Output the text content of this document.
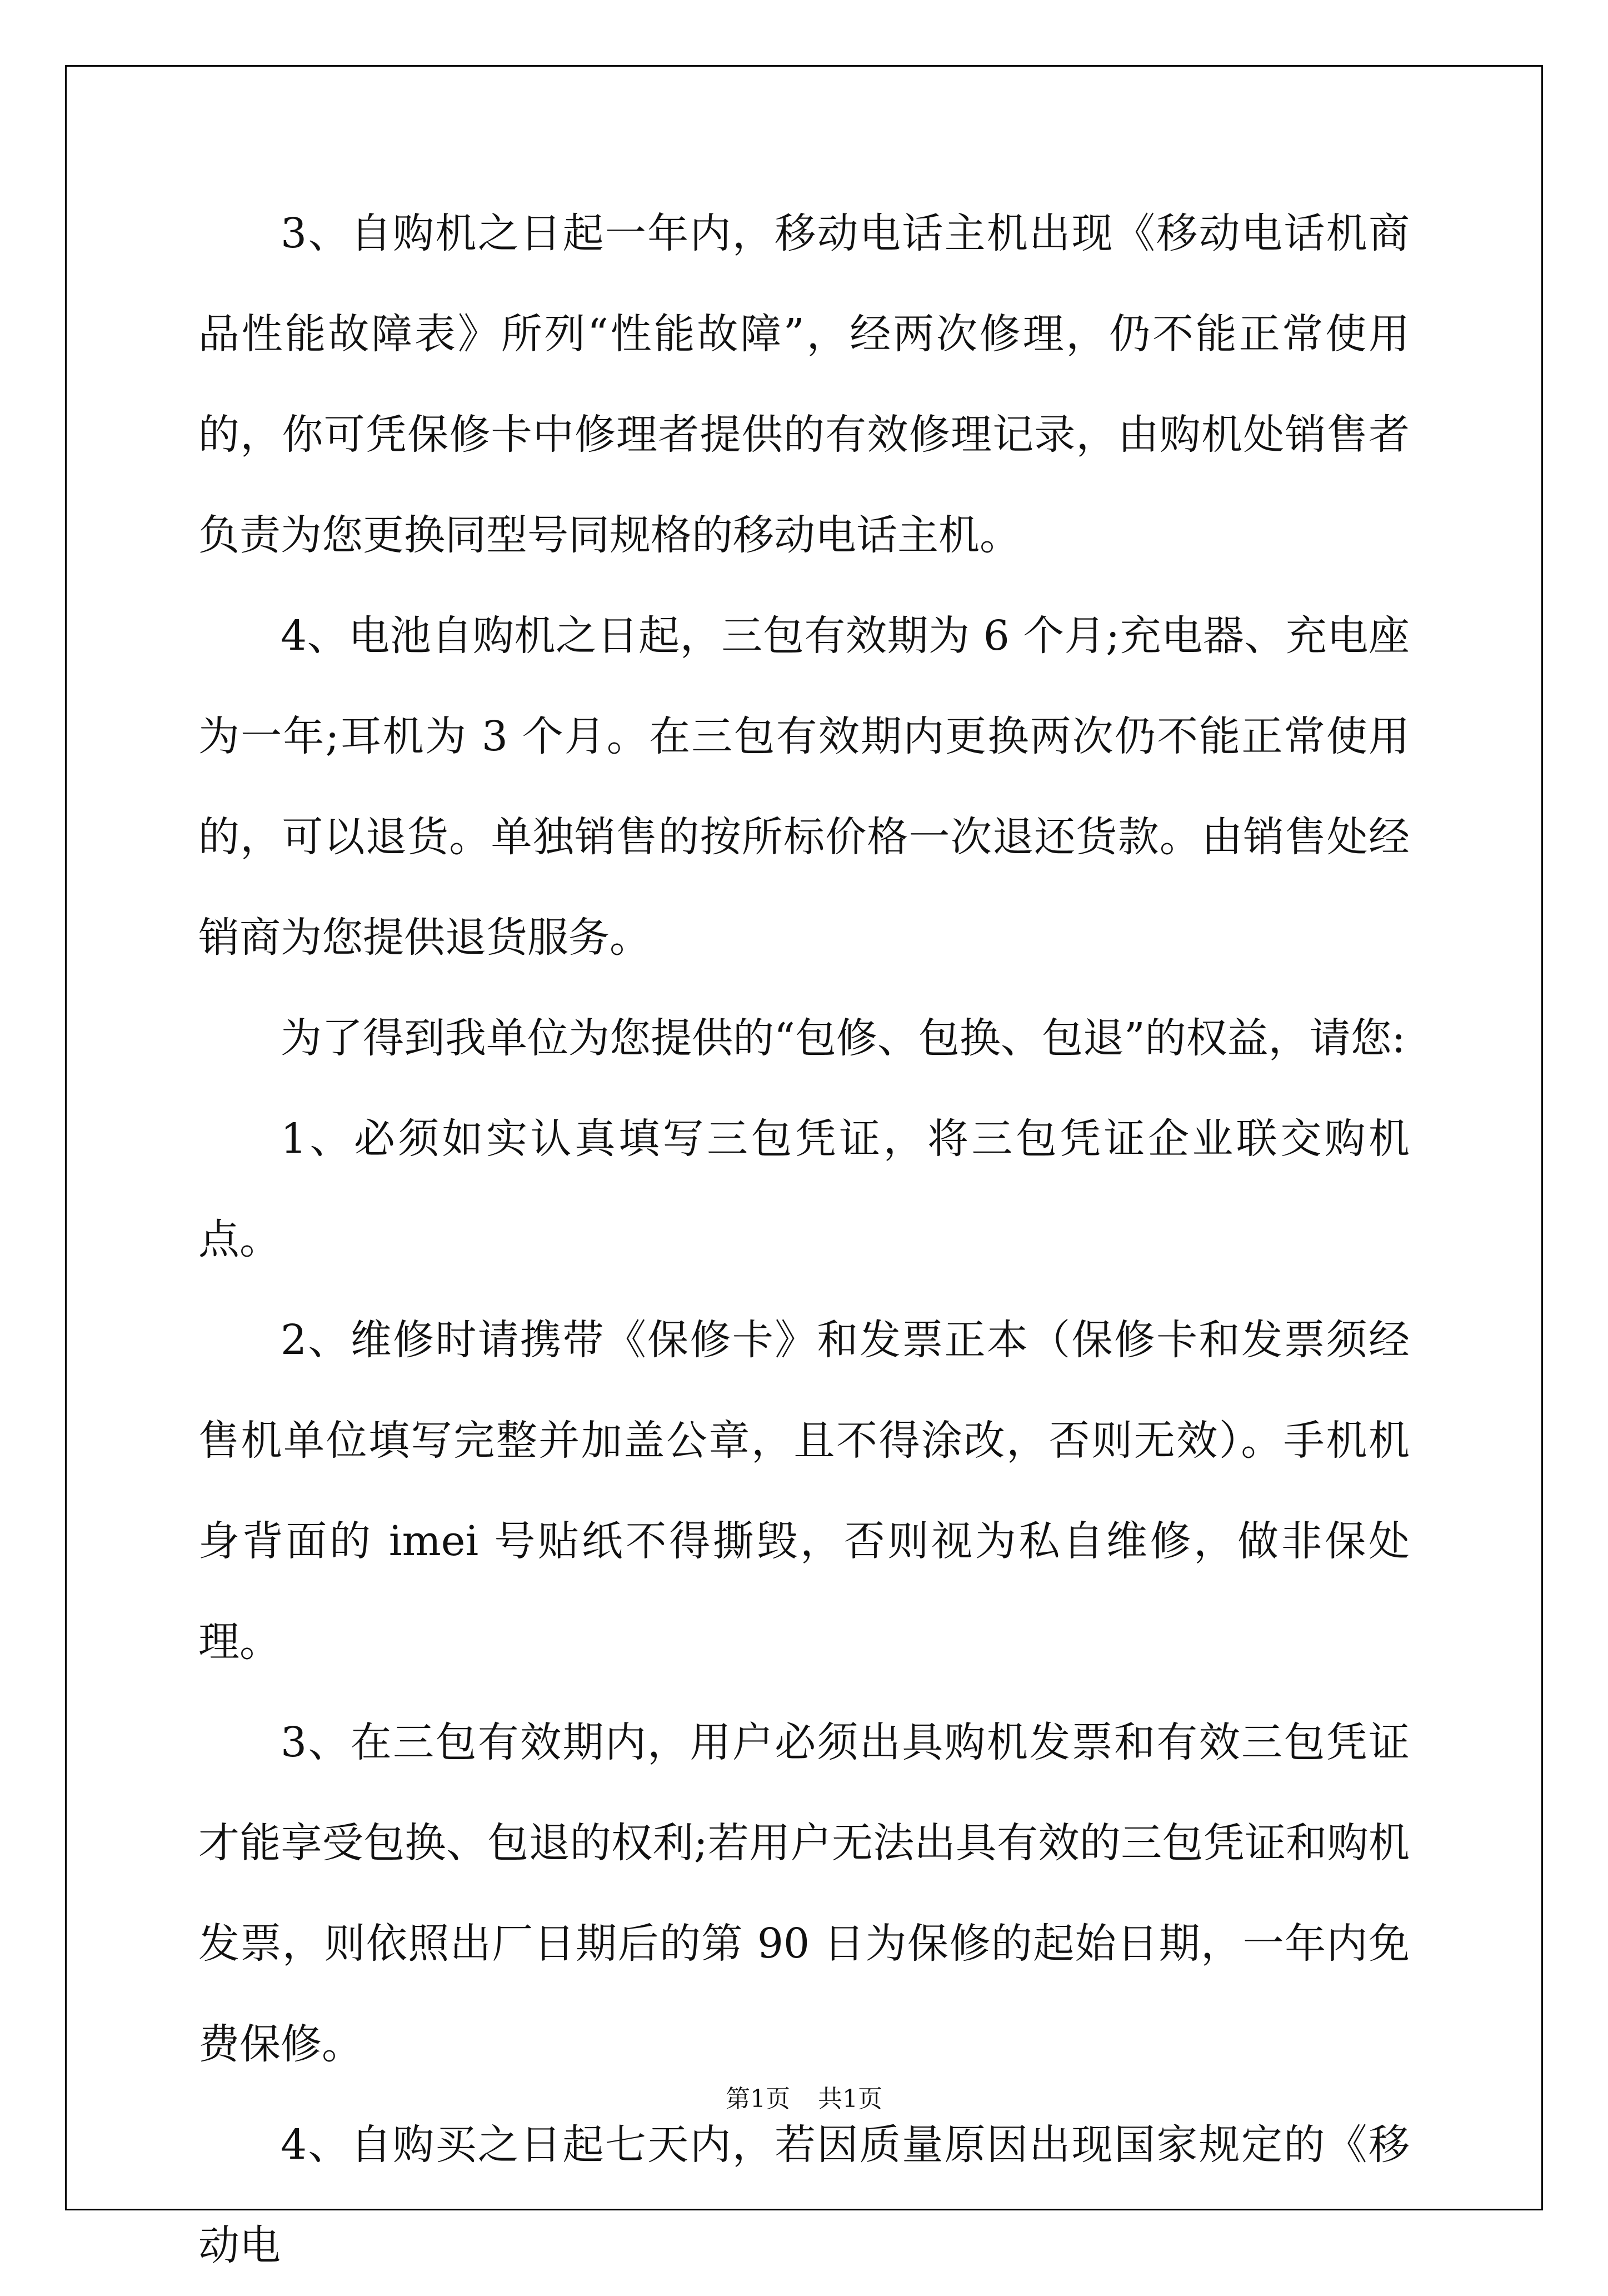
3、自购机之日起一年内，移动电话主机出现《移动电话机商品性能故障表》所列“性能故障”，经两次修理，仍不能正常使用的，你可凭保修卡中修理者提供的有效修理记录，由购机处销售者负责为您更换同型号同规格的移动电话主机。

4、电池自购机之日起，三包有效期为 6 个月;充电器、充电座为一年;耳机为 3 个月。在三包有效期内更换两次仍不能正常使用的，可以退货。单独销售的按所标价格一次退还货款。由销售处经销商为您提供退货服务。

为了得到我单位为您提供的“包修、包换、包退”的权益，请您:

1、必须如实认真填写三包凭证，将三包凭证企业联交购机点。

2、维修时请携带《保修卡》和发票正本（保修卡和发票须经售机单位填写完整并加盖公章，且不得涂改，否则无效）。手机机身背面的 imei 号贴纸不得撕毁，否则视为私自维修，做非保处理。

3、在三包有效期内，用户必须出具购机发票和有效三包凭证才能享受包换、包退的权利;若用户无法出具有效的三包凭证和购机发票，则依照出厂日期后的第 90 日为保修的起始日期，一年内免费保修。

4、自购买之日起七天内，若因质量原因出现国家规定的《移动电

第1页 共1页
